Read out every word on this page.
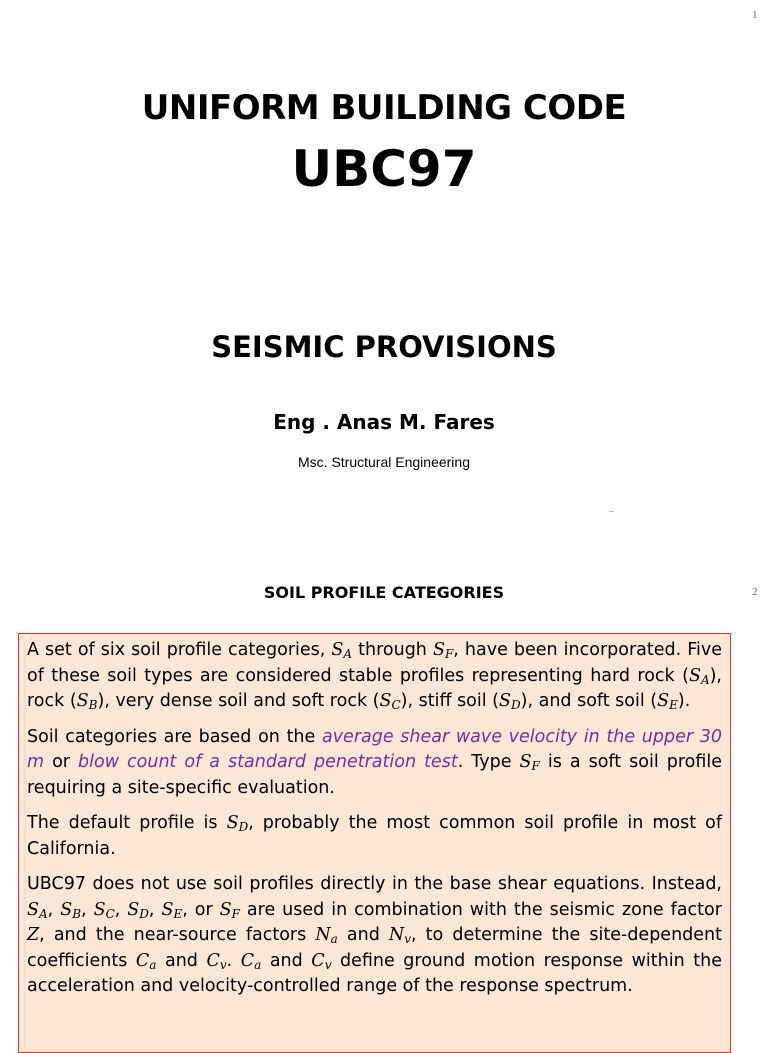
1
UNIFORM BUILDING CODE
UBC97
SEISMIC PROVISIONS
Eng . Anas M. Fares
Msc. Structural Engineering
2
SOIL PROFILE CATEGORIES

A set of six soil profile categories, $S_A$ through $S_F$, have been incorporated. Five of these soil types are considered stable profiles representing hard rock $(S_A)$, rock $(S_B)$, very dense soil and soft rock $(S_C)$, stiff soil $(S_D)$, and soft soil $(S_E)$.

Soil categories are based on the average shear wave velocity in the upper 30 m or blow count of a standard penetration test. Type $S_F$ is a soft soil profile requiring a site-specific evaluation.

The default profile is $S_D$, probably the most common soil profile in most of California.

UBC97 does not use soil profiles directly in the base shear equations. Instead, $S_A$, $S_B$, $S_C$, $S_D$, $S_E$, or $S_F$ are used in combination with the seismic zone factor Z, and the near-source factors $N_a$ and $N_v$, to determine the site-dependent coefficients $C_a$ and $C_v$. $C_a$ and $C_v$ define ground motion response within the acceleration and velocity-controlled range of the response spectrum.
